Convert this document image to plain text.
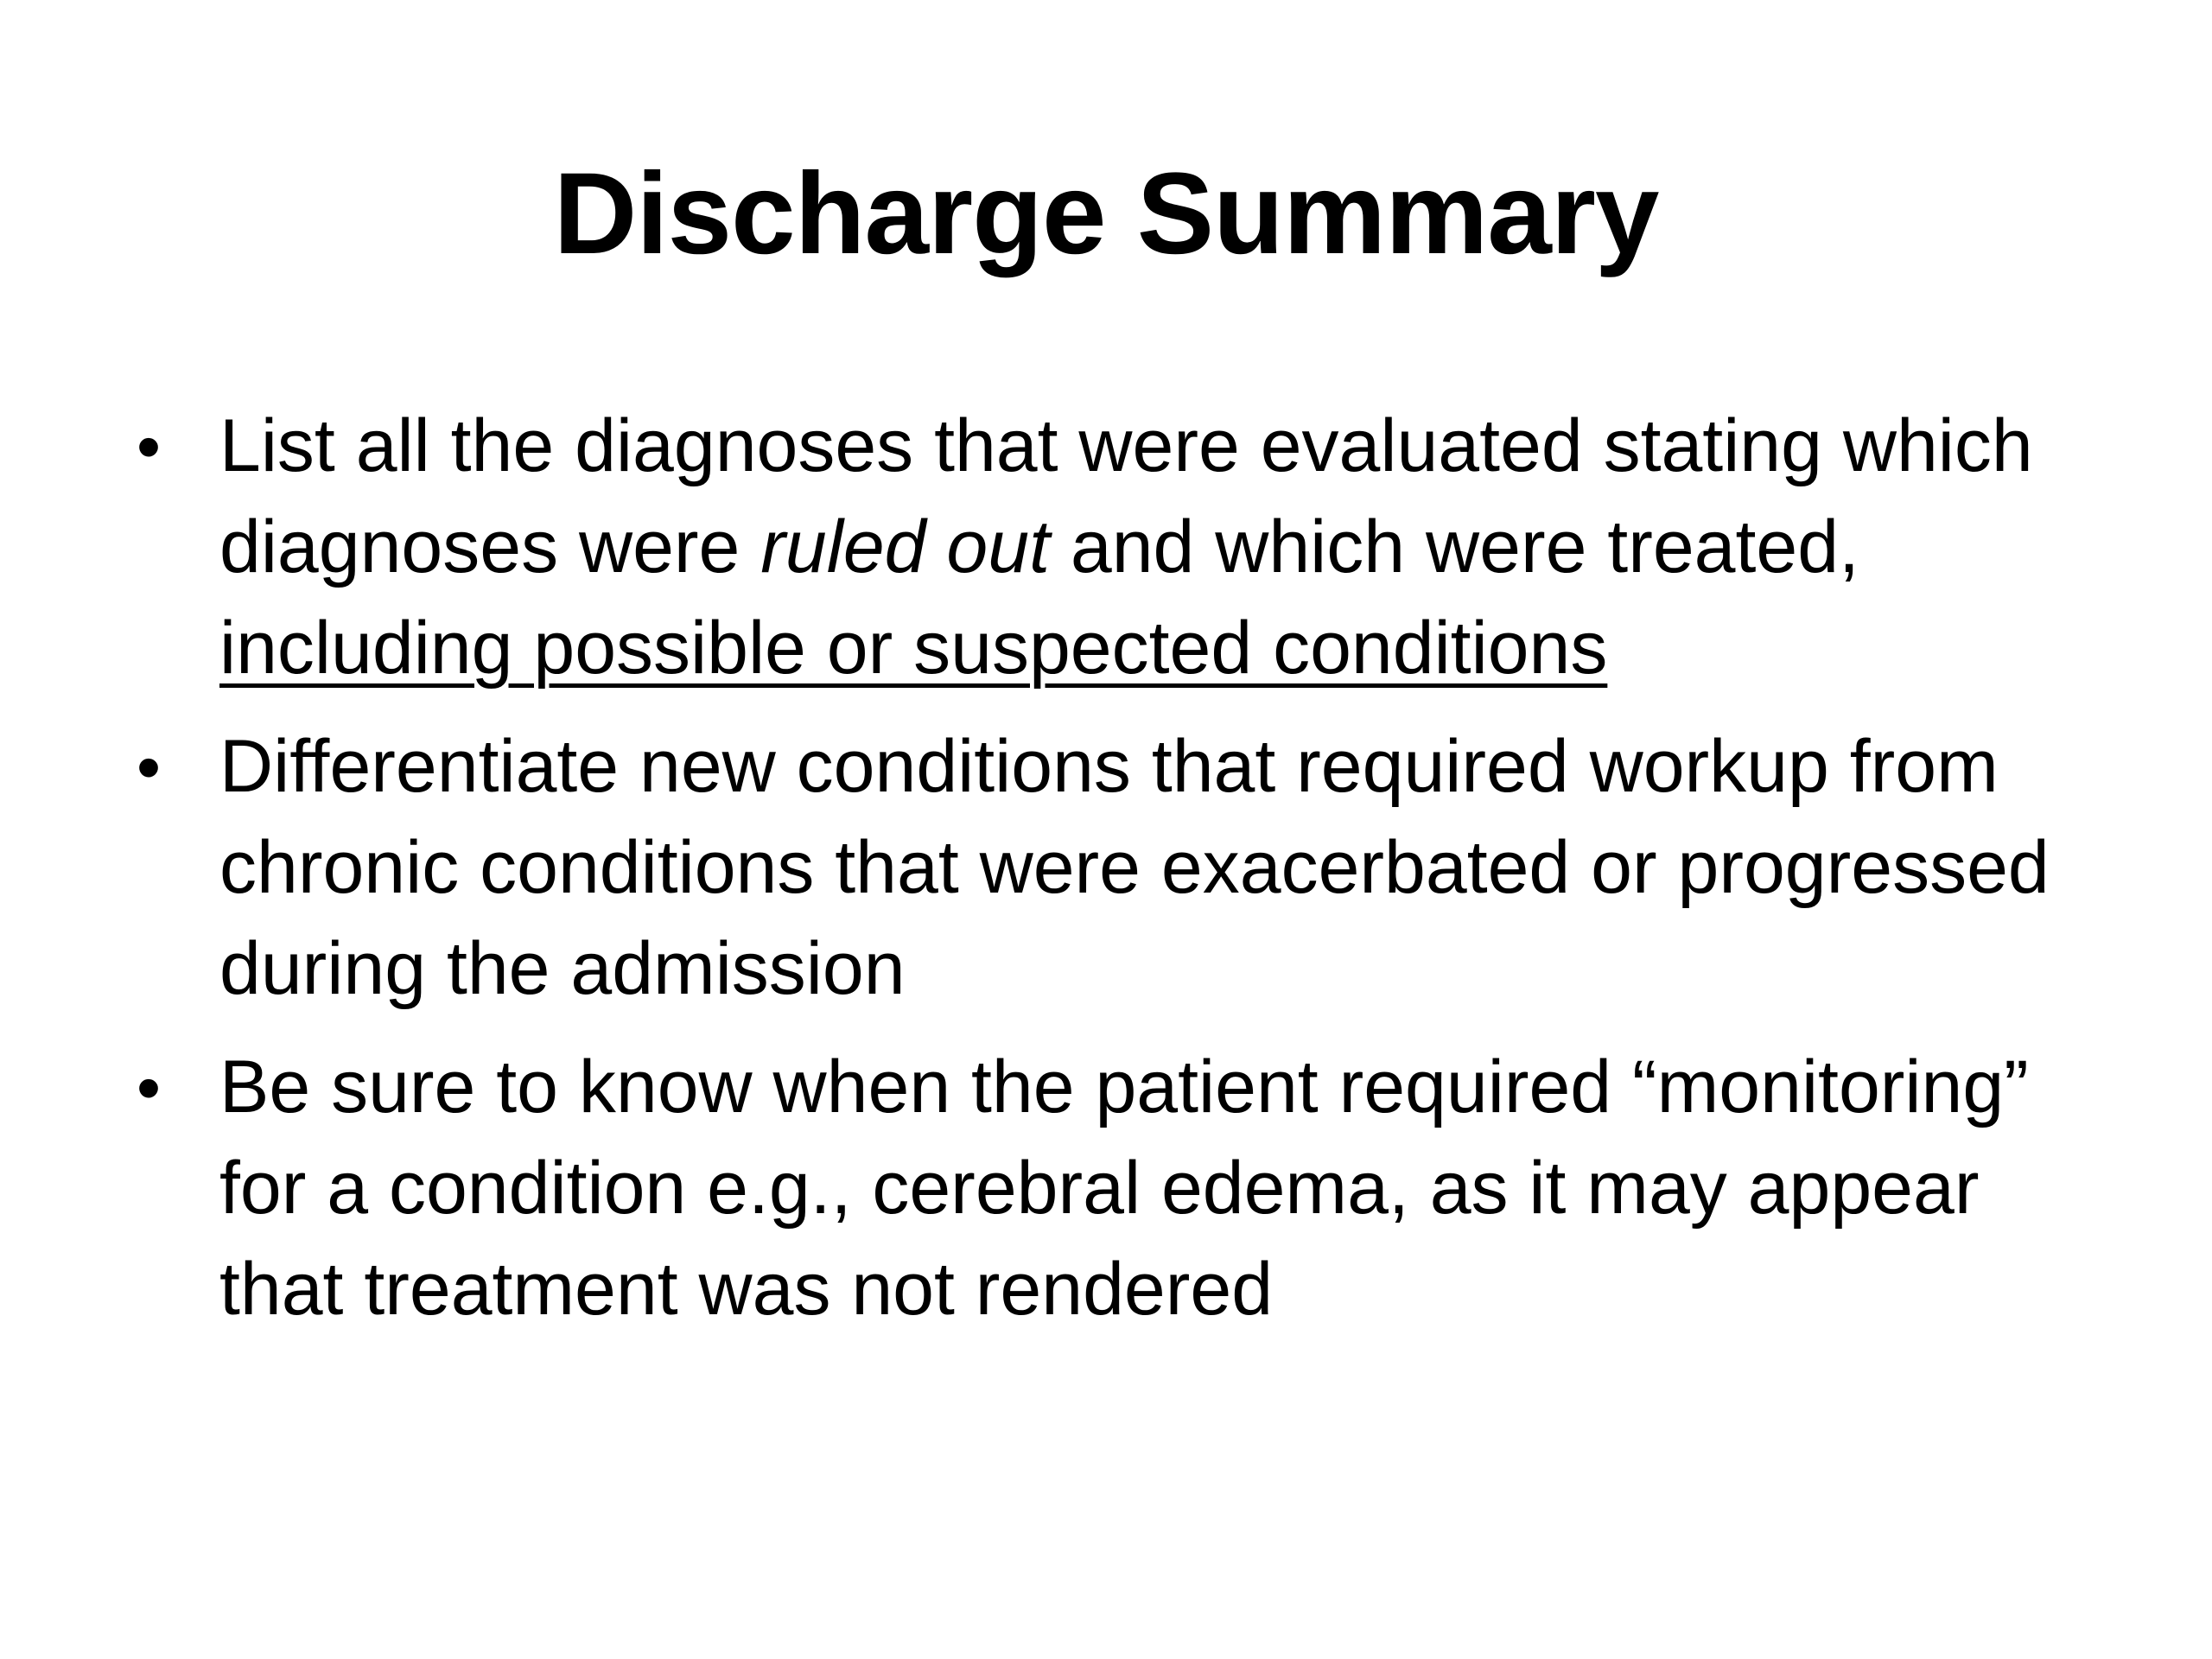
Discharge Summary
• List all the diagnoses that were evaluated stating which diagnoses were ruled out and which were treated, including possible or suspected conditions
• Differentiate new conditions that required workup from chronic conditions that were exacerbated or progressed during the admission
• Be sure to know when the patient required “monitoring” for a condition e.g., cerebral edema, as it may appear that treatment was not rendered
